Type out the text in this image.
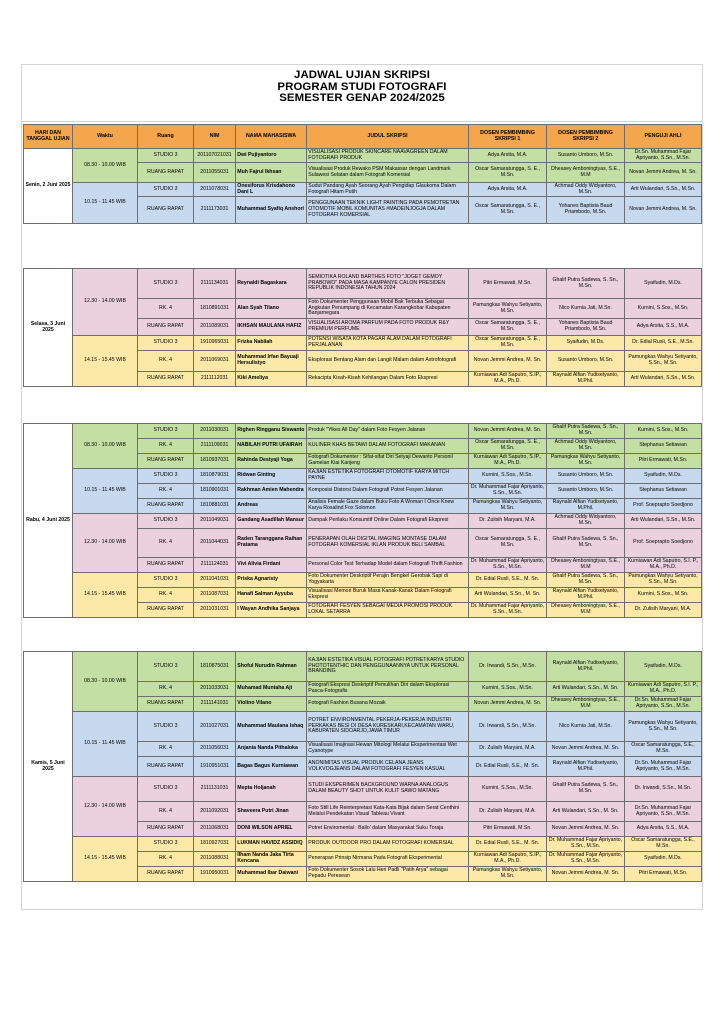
JADWAL UJIAN SKRIPSI
PROGRAM STUDI FOTOGRAFI
SEMESTER GENAP 2024/2025
HARI DAN TANGGAL UJIAN	Waktu	Ruang	NIM	NAMA MAHASISWA	JUDUL SKRIPSI	DOSEN PEMBIMBING SKRIPSI 1	DOSEN PEMBIMBING SKRIPSI 2	PENGUJI AHLI
Senin, 2 Juni 2025	08.30 - 10.00 WIB	STUDIO 3	201107021031	Dwi Pujiyantoro	VISUALISASI PRODUK SKINCARE NAAVAGREEN DALAM FOTOGRAFI PRODUK	Adya Arsita, M.A.	Susanto Umboro, M.Sn.	Dr.Sn. Muhammad Fajar Apriyanto, S.Sn., M.Sn.
		RUANG RAPAT	2011055031	Muh Fajrul Ikhsan	Visualisasi Produk Rewako PSM Makassar dengan Landmark Sulawesi Selatan dalam Fotografi Komersial	Oscar Samaratungga, S. E., M.Sn.	Dheasey Amboningtyas, S.E., M.M	Novan Jemmi Andrea, M. Sn.
	10.15 - 11.45 WIB	STUDIO 3	2011078031	Onesiforus Krisdahono Dani L	Sudut Pandang Ayah Seorang Ayah Pengidap Glaukoma Dalam Fotografi Hitam Putih	Adya Arsita, M.A.	Achmad Oddy Widyantoro, M.Sn.	Arti Wulandari, S.Sn., M.Sn.
		RUANG RAPAT	2111173031	Muhammad Syafiq Anshori	PENGGUNAAN TEKNIK LIGHT PAINTING PADA PEMOTRETAN OTOMOTIF MOBIL KOMUNITAS #MADEINJOGJA DALAM FOTOGRAFI KOMERSIAL	Oscar Samaratungga, S. E., M.Sn.	Yohanes Baptista Baud Priambodo, M.Sn.	Novan Jemmi Andrea, M. Sn.
Selasa, 3 Juni 2025	12.30 - 14.00 WIB	STUDIO 3	2111134031	Reynaldi Bagaskara	SEMIOTIKA ROLAND BARTHES FOTO "JOGET GEMOY PRABOWO" PADA MASA KAMPANYE CALON PRESIDEN REPUBLIK INDONESIA TAHUN 2024	Pitri Ermawati, M.Sn.	Ghalif Putra Sadewa, S. Sn., M.Sn.	Syaifudin, M.Ds.
		RK. 4	1810891031	Alan Syah Tilano	Foto Dokumenter Penggunaan Mobil Bak Terbuka Sebagai Angkutan Penumpang di Kecamatan Karangkobar Kabupaten Banjarnegara	Pamungkas Wahyu Setiyanto, M.Sn.	Nico Kurnia Jati, M.Sn.	Kurnini, S.Sos., M.Sn.
		RUANG RAPAT	2011089031	IKHSAN MAULANA HAFIZ	VISUALISASI AROMA PARFUM PADA FOTO PRODUK R&Y PREMIUM PERFUME	Oscar Samaratungga, S. E., M.Sn.	Yohanes Baptista Baud Priambodo, M.Sn.	Adya Arsita, S.S., M.A.
	14.15 - 15.45 WIB	STUDIO 3	1910965031	Frizka Nabilah	POTENSI WISATA KOTA PAGAR ALAM DALAM FOTOGRAFI PERJALANAN	Oscar Samaratungga, S. E., M.Sn.	Syaifudin, M.Ds.	Dr. Edial Rusli, S.E., M.Sn.
		RK. 4	2011069031	Muhammad Irfan Bayuaji Hersulistyo	Eksplorasi Bentang Alam dan Langit Malam dalam Astrofotografi	Novan Jemmi Andrea, M. Sn.	Susanto Umboro, M.Sn.	Pamungkas Wahyu Setiyanto, S.Sn., M.Sn.
		RUANG RAPAT	2111112031	Kiki Ameliya	Rekacipta Kisah-Kisah Kehilangan Dalam Foto Ekspresi	Kurniawan Adi Saputro, S.IP., M.A., Ph.D.	Raynald Alfian Yudisetyanto, M.Phil.	Arti Wulandari, S.Sn., M.Sn.
Rabu, 4 Juni 2025	08.30 - 10.00 WIB	STUDIO 3	2011030031	Righen Ringganu Siswanto	Produk "Yikes All Day" dalam Foto Fesyen Jalanan	Novan Jemmi Andrea, M. Sn.	Ghalif Putra Sadewa, S. Sn., M.Sn.	Kurnini, S.Sos., M.Sn.
		RK. 4	2111109031	NABILAH PUTRI UFAIRAH	KULINER KHAS BETAWI DALAM FOTOGRAFI MAKANAN	Oscar Samaratungga, S. E., M.Sn.	Achmad Oddy Widyantoro, M.Sn.	Stephanus Setiawan
		RUANG RAPAT	1810937031	Rahinda Destyaji Yoga	Fotografi Dokumenter : Sifat-sifat Diri Setyaji Dewanto Personil Gamelan Kiai Kanjeng	Kurniawan Adi Saputro, S.IP., M.A., Ph.D.	Pamungkas Wahyu Setiyanto, M.Sn.	Pitri Ermawati, M.Sn.
	10.15 - 11.45 WIB	STUDIO 3	1810879031	Ridwan Ginting	KAJIAN ESTETIKA FOTOGRAFI OTOMOTIF KARYA MITCH PAYNE	Kurnini, S.Sos., M.Sn.	Susanto Umboro, M.Sn.	Syaifudin, M.Ds.
		RK. 4	1810901031	Rakhman Amien Mahendra	Komposisi Distorsi Dalam Fotografi Potret Fesyen Jalanan	Dr. Muhammad Fajar Apriyanto, S.Sn., M.Sn.	Susanto Umboro, M.Sn.	Stephanus Setiawan
		RUANG RAPAT	1810881031	Andreas	Analisis Female Gaze dalam Buku Foto A Woman I Once Knew Karya Rosalind Fox Solomon	Pamungkas Wahyu Setiyanto, M.Sn.	Raynald Alfian Yudisetyanto, M.Phil.	Prof. Soeprapto Soedjono
	12.30 - 14.00 WIB	STUDIO 3	2011049031	Gandang Asadillah Mansur	Dampak Perilaku Konsumtif Online Dalam Fotografi Ekspresi	Dr. Zulisih Maryani, M.A.	Achmad Oddy Widyantoro, M.Sn.	Arti Wulandari, S.Sn., M.Sn.
		RK. 4	2011044031	Raden Taranggana Raihan Pratama	PENERAPAN OLAH DIGITAL IMAGING MONTASE DALAM FOTOGRAFI KOMERSIAL IKLAN PRODUK BELI SAMBAL	Oscar Samaratungga, S. E., M.Sn.	Ghalif Putra Sadewa, S. Sn., M.Sn.	Prof. Soeprapto Soedjono
		RUANG RAPAT	2111124031	Vivi Alivia Firdani	Personal Color Test Terhadap Model dalam Fotografi Thrift Fashion	Dr. Muhammad Fajar Apriyanto, S.Sn., M.Sn.	Dheasey Amboningtyas, S.E., M.M	Kurniawan Adi Saputro, S.I. P., M.A., Ph.D.
	14.15 - 15.45 WIB	STUDIO 3	2011041031	Priska Agnaristy	Foto Dokumenter Deskriptif Perajin Bengkel Gerobak Sapi di Yogyakarta	Dr. Edial Rusli, S.E., M. Sn.	Ghalif Putra Sadewa, S. Sn., M.Sn.	Pamungkas Wahyu Setiyanto, S.Sn., M.Sn.
		RK. 4	2011087031	Hanafi Salman Ayyuba	Visualisasi Memori Buruk Masa Kanak-Kanak Dalam Fotografi Ekspresi	Arti Wulandari, S.Sn., M. Sn.	Raynald Alfian Yudisetyanto, M.Phil.	Kurnini, S.Sos., M.Sn.
		RUANG RAPAT	2011031031	I Wayan Andhika Sanjaya	FOTOGRAFI FESYEN SEBAGAI MEDIA PROMOSI PRODUK LOKAL SETARRA	Dr. Muhammad Fajar Apriyanto, S.Sn., M.Sn.	Dheasey Amboningtyas, S.E., M.M	Dr. Zulisih Maryani, M.A.
Kamis, 5 Juni 2025	08.30 - 10.00 WIB	STUDIO 3	1810875031	Shoful Nurudin Rahman	KAJIAN ESTETIKA VISUAL FOTOGRAFI POTRETKARYA STUDIO PHOTOTENTHIC DAN PENGGUNAANNYA UNTUK PERSONAL BRANDING	Dr. Irwandi, S.Sn., M.Sn.	Raynald Alfian Yudisetyanto, M.Phil.	Syaifudin, M.Ds.
		RK. 4	2011033031	Muhamad Muntaha Aji	Fotografi Ekspresi Deskriptif Pemulihan Diri dalam Eksplorasi Pasca-Fotografis	Kurnini, S.Sos., M.Sn.	Arti Wulandari, S.Sn., M. Sn.	Kurniawan Adi Saputro, S.I. P., M.A., Ph.D.
		RUANG RAPAT	2111141031	Violino Vilano	Fotografi Fashion Busana Mozaik	Novan Jemmi Andrea, M. Sn.	Dheasey Amboningtyas, S.E., M.M	Dr.Sn. Muhammad Fajar Apriyanto, S.Sn., M.Sn.
	10.15 - 11.45 WIB	STUDIO 3	2011027031	Muhammad Maulana Ishaq	POTRET ENVIRONMENTAL PEKERJA-PEKERJA INDUSTRI PERKAKAS BESI DI DESA KURESKARI,KECAMATAN WARU, KABUPATEN SIDOARJO,JAWA TIMUR	Dr. Irwandi, S.Sn., M.Sn.	Nico Kurnia Jati, M.Sn.	Pamungkas Wahyu Setiyanto, S.Sn., M.Sn.
		RK. 4	2011056031	Anjania Nanda Pithaloka	Visualisasi Imajinasi Hewan Mitologi Melalui Eksperimentasi Wet Cyanotype	Dr. Zulisih Maryani, M.A.	Novan Jemmi Andrea, M. Sn.	Oscar Samaratungga, S.E., M.Sn.
		RUANG RAPAT	1910951031	Bagas Bagus Kurniawan	ANONIMITAS VISUAL PRODUK CELANA JEANS VOLKVOGJEANS DALAM FOTOGRAFI FESYEN KASUAL	Dr. Edial Rusli, S.E., M. Sn.	Raynald Alfian Yudisetyanto, M.Phil.	Dr.Sn. Muhammad Fajar Apriyanto, S.Sn., M.Sn.
	12.30 - 14.00 WIB	STUDIO 3	2111131031	Mepta Holjanah	STUDI EKSPERIMEN BACKGROUND WARNA ANALOGUS DALAM BEAUTY SHOT UNTUK KULIT SAWO MATANG	Kurnini, S.Sos., M.Sn.	Ghalif Putra Sadewa, S. Sn., M.Sn.	Dr. Irwandi, S.Sn., M.Sn.
		RK. 4	2011092031	Shaveera Putri Jinan	Foto Still Life Reinterpretasi Kata-Kata Bijak dalam Serat Centhini Melalui Pendekatan Visual Tableau Vivant	Dr. Zulisih Maryani, M.A.	Arti Wulandari, S.Sn., M. Sn.	Dr.Sn. Muhammad Fajar Apriyanto, S.Sn., M.Sn.
		RUANG RAPAT	2011068031	DONI WILSON APRIEL	Potret Enviromental : Ballo' dalam Masyarakat Suku Toraja	Pitri Ermawati, M.Sn.	Novan Jemmi Andrea, M. Sn.	Adya Arsita, S.S., M.A.
	14.15 - 15.45 WIB	STUDIO 3	1810927031	LUKMAN HAVIDZ ASSIDIQ	PRODUK OUTDOOR PRO DALAM FOTOGRAFI KOMERSIAL	Dr. Edial Rusli, S.E., M. Sn.	Dr. Muhammad Fajar Apriyanto, S.Sn., M.Sn.	Oscar Samaratungga, S.E., M.Sn.
		RK. 4	2011088031	Ilham Nanda Jaka Tirta Kencana	Penerapan Prinsip Nirmana Pada Fotografi Eksperimental	Kurniawan Adi Saputro, S.IP., M.A., Ph.D.	Dr. Muhammad Fajar Apriyanto, S.Sn., M.Sn.	Syaifudin, M.Ds.
		RUANG RAPAT	1910950031	Muhammad Ibar Daiwani	Foto Dokumenter Sosok Lalu Heri Padli "Patih Arya" sebagai Pepadu Peresean	Pamungkas Wahyu Setiyanto, M.Sn.	Novan Jemmi Andrea, M. Sn.	Pitri Ermawati, M.Sn.
